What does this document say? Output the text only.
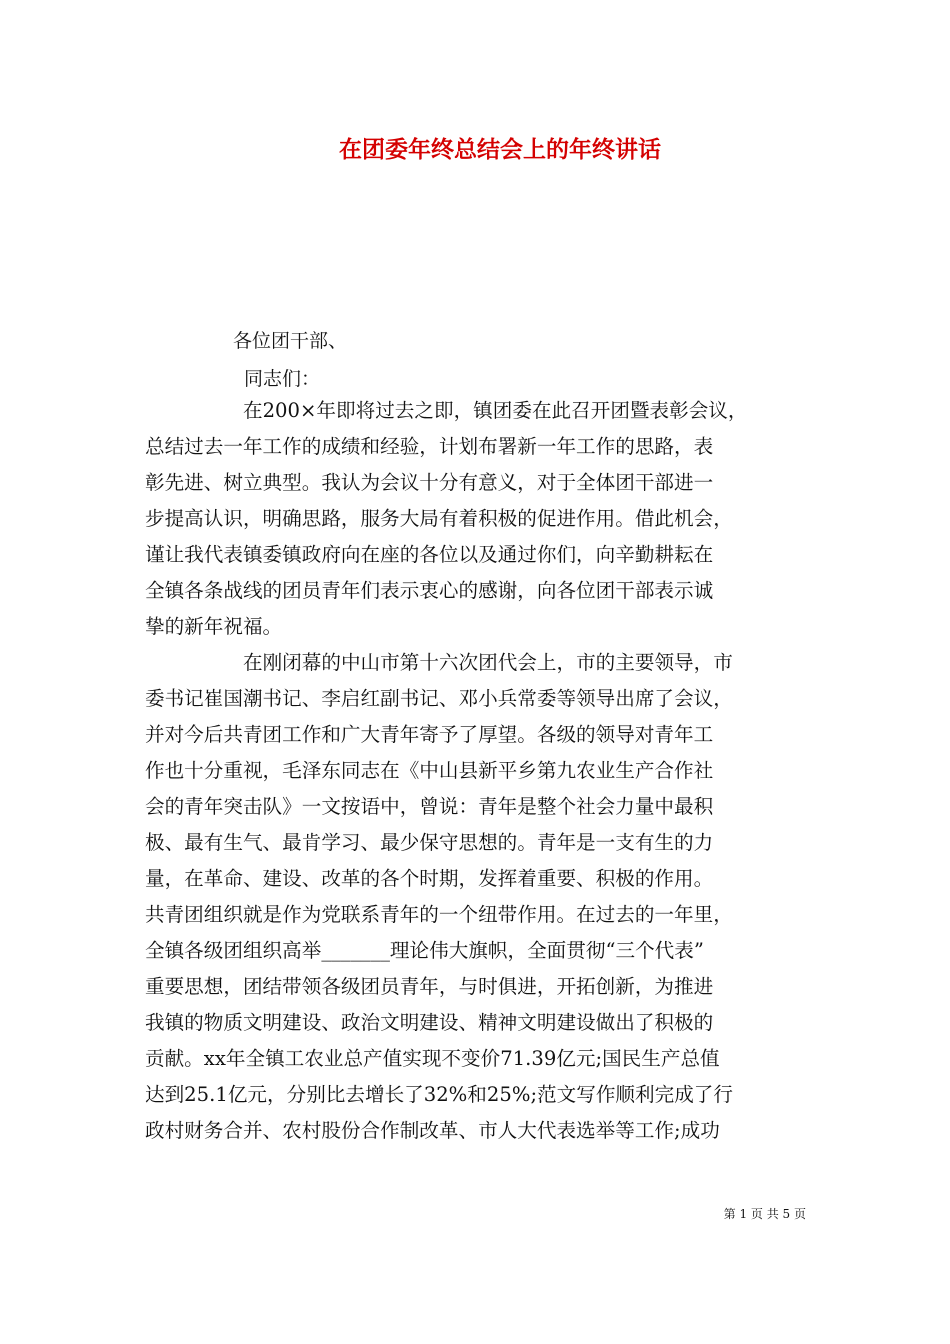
在团委年终总结会上的年终讲话
各位团干部、
同志们：
在200×年即将过去之即，镇团委在此召开团暨表彰会议，
总结过去一年工作的成绩和经验，计划布署新一年工作的思路，表
彰先进、树立典型。我认为会议十分有意义，对于全体团干部进一
步提高认识，明确思路，服务大局有着积极的促进作用。借此机会，
谨让我代表镇委镇政府向在座的各位以及通过你们，向辛勤耕耘在
全镇各条战线的团员青年们表示衷心的感谢，向各位团干部表示诚
挚的新年祝福。
在刚闭幕的中山市第十六次团代会上，市的主要领导，市
委书记崔国潮书记、李启红副书记、邓小兵常委等领导出席了会议，
并对今后共青团工作和广大青年寄予了厚望。各级的领导对青年工
作也十分重视，毛泽东同志在《中山县新平乡第九农业生产合作社
会的青年突击队》一文按语中，曾说：青年是整个社会力量中最积
极、最有生气、最肯学习、最少保守思想的。青年是一支有生的力
量，在革命、建设、改革的各个时期，发挥着重要、积极的作用。
共青团组织就是作为党联系青年的一个纽带作用。在过去的一年里，
全镇各级团组织高举_______理论伟大旗帜，全面贯彻“三个代表”
重要思想，团结带领各级团员青年，与时俱进，开拓创新，为推进
我镇的物质文明建设、政治文明建设、精神文明建设做出了积极的
贡献。xx年全镇工农业总产值实现不变价71.39亿元;国民生产总值
达到25.1亿元，分别比去增长了32%和25%;范文写作顺利完成了行
政村财务合并、农村股份合作制改革、市人大代表选举等工作;成功
第 1 页 共 5 页
